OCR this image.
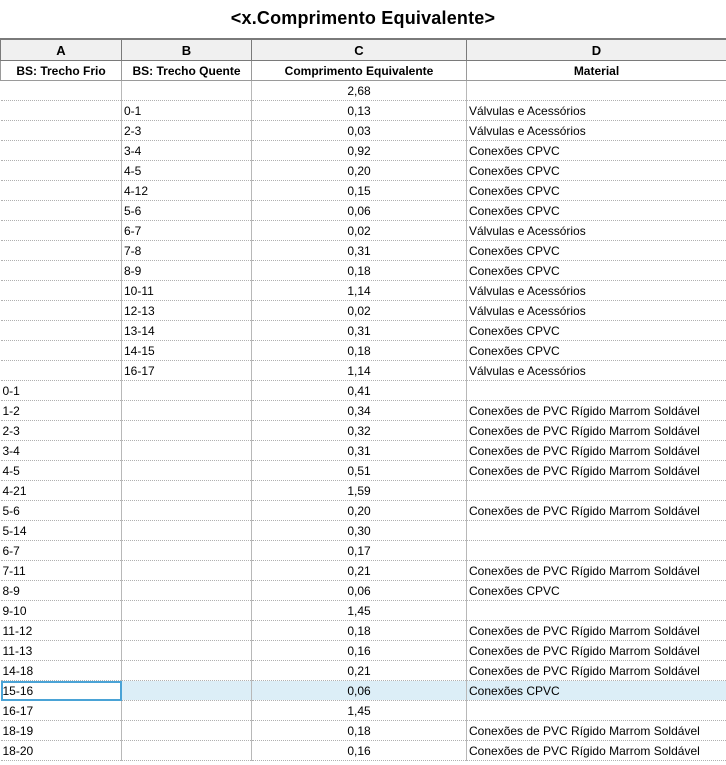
<x.Comprimento Equivalente>
A	B	C	D
BS: Trecho Frio	BS: Trecho Quente	Comprimento Equivalente	Material
		2,68	
	0-1	0,13	Válvulas e Acessórios
	2-3	0,03	Válvulas e Acessórios
	3-4	0,92	Conexões CPVC
	4-5	0,20	Conexões CPVC
	4-12	0,15	Conexões CPVC
	5-6	0,06	Conexões CPVC
	6-7	0,02	Válvulas e Acessórios
	7-8	0,31	Conexões CPVC
	8-9	0,18	Conexões CPVC
	10-11	1,14	Válvulas e Acessórios
	12-13	0,02	Válvulas e Acessórios
	13-14	0,31	Conexões CPVC
	14-15	0,18	Conexões CPVC
	16-17	1,14	Válvulas e Acessórios
0-1		0,41	
1-2		0,34	Conexões de PVC Rígido Marrom Soldável
2-3		0,32	Conexões de PVC Rígido Marrom Soldável
3-4		0,31	Conexões de PVC Rígido Marrom Soldável
4-5		0,51	Conexões de PVC Rígido Marrom Soldável
4-21		1,59	
5-6		0,20	Conexões de PVC Rígido Marrom Soldável
5-14		0,30	
6-7		0,17	
7-11		0,21	Conexões de PVC Rígido Marrom Soldável
8-9		0,06	Conexões CPVC
9-10		1,45	
11-12		0,18	Conexões de PVC Rígido Marrom Soldável
11-13		0,16	Conexões de PVC Rígido Marrom Soldável
14-18		0,21	Conexões de PVC Rígido Marrom Soldável
15-16		0,06	Conexões CPVC
16-17		1,45	
18-19		0,18	Conexões de PVC Rígido Marrom Soldável
18-20		0,16	Conexões de PVC Rígido Marrom Soldável
